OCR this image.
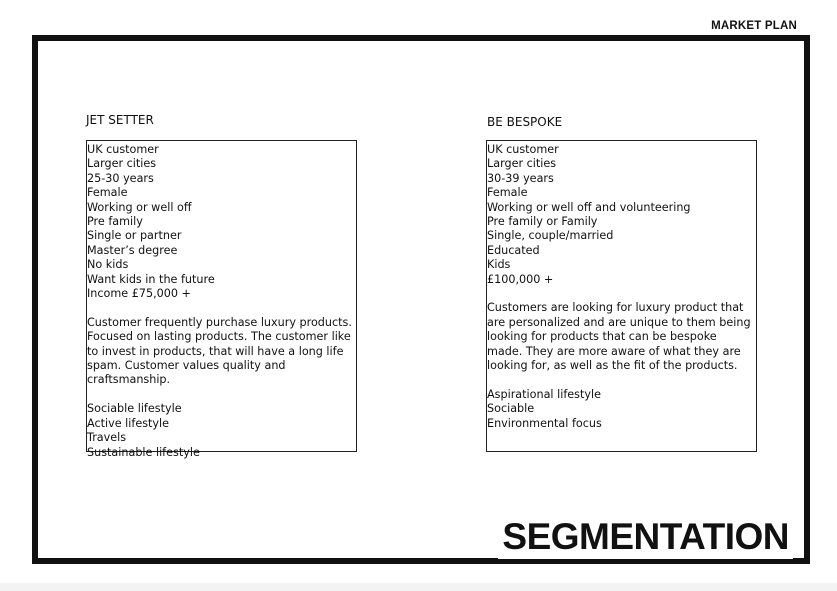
MARKET PLAN
JET SETTER
UK customer
Larger cities
25-30 years
Female
Working or well off
Pre family
Single or partner
Master’s degree
No kids
Want kids in the future
Income £75,000 +
Customer frequently purchase luxury products. Focused on lasting products. The customer like to invest in products, that will have a long life spam. Customer values quality and craftsmanship.
Sociable lifestyle
Active lifestyle
Travels
Sustainable lifestyle
BE BESPOKE
UK customer
Larger cities
30-39 years
Female
Working or well off and volunteering
Pre family or Family
Single, couple/married
Educated
Kids
£100,000 +
Customers are looking for luxury product that are personalized and are unique to them being looking for products that can be bespoke made. They are more aware of what they are looking for, as well as the fit of the products.
Aspirational lifestyle
Sociable
Environmental focus
SEGMENTATION
